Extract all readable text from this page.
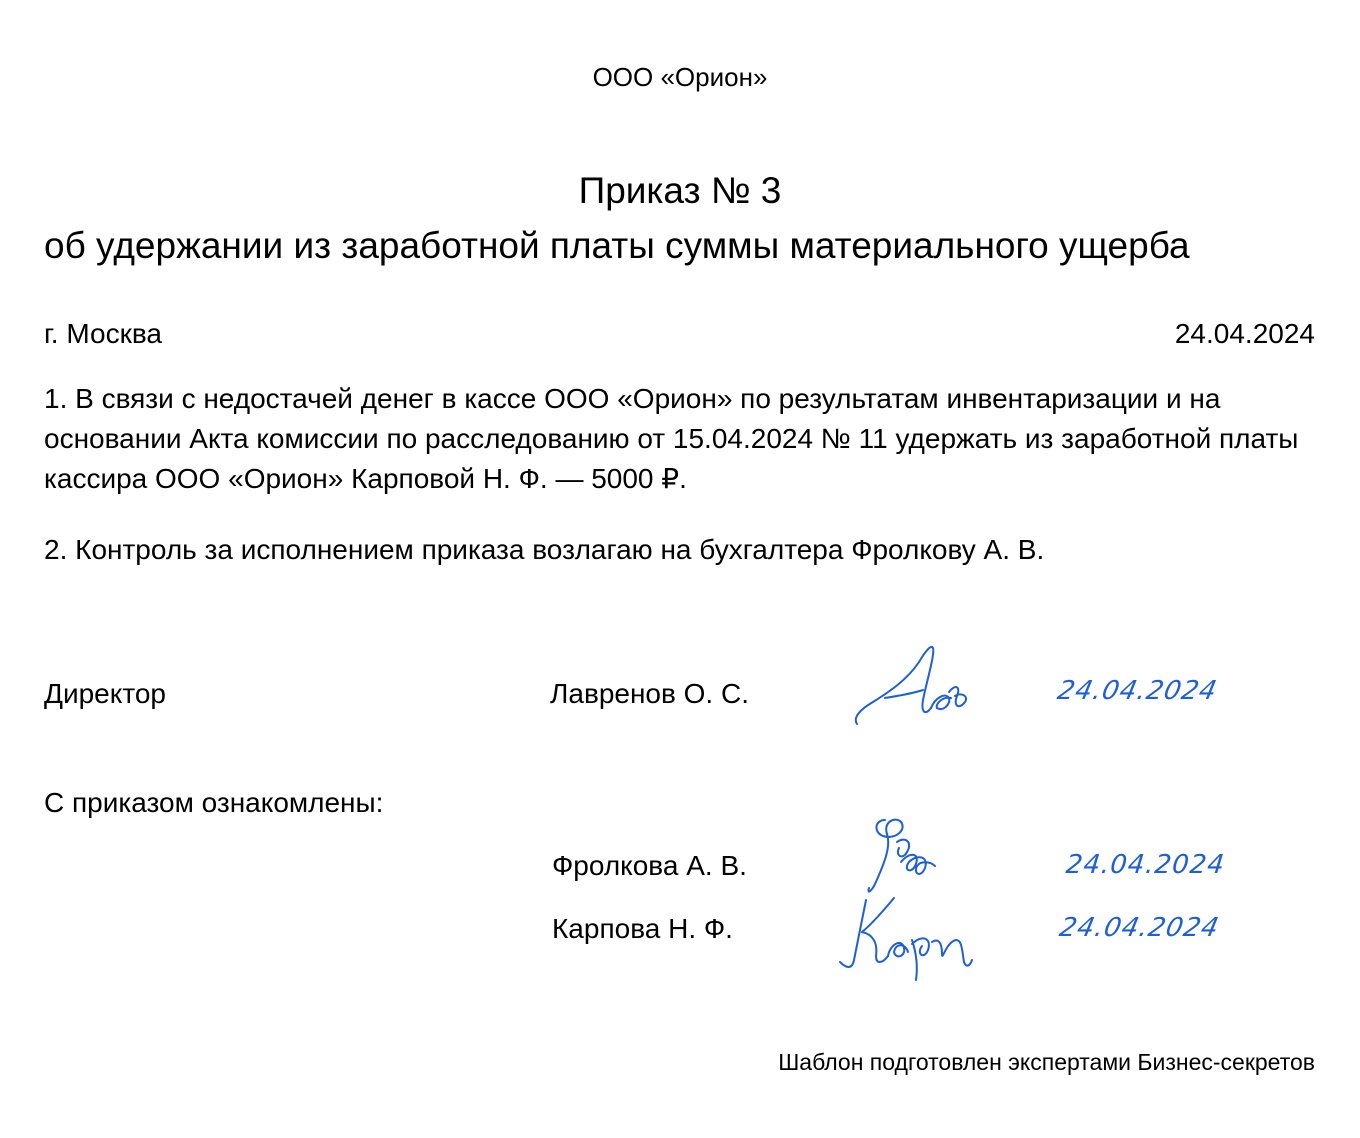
ООО «Орион»
Приказ № 3
об удержании из заработной платы суммы материального ущерба
г. Москва	24.04.2024
1. В связи с недостачей денег в кассе ООО «Орион» по результатам инвентаризации и на основании Акта комиссии по расследованию от 15.04.2024 № 11 удержать из заработной платы кассира ООО «Орион» Карповой Н. Ф. — 5000 ₽.
2. Контроль за исполнением приказа возлагаю на бухгалтера Фролкову А. В.
Директор	Лавренов О. С.	24.04.2024
С приказом ознакомлены:
Фролкова А. В.	24.04.2024
Карпова Н. Ф.	24.04.2024
Шаблон подготовлен экспертами Бизнес-секретов
